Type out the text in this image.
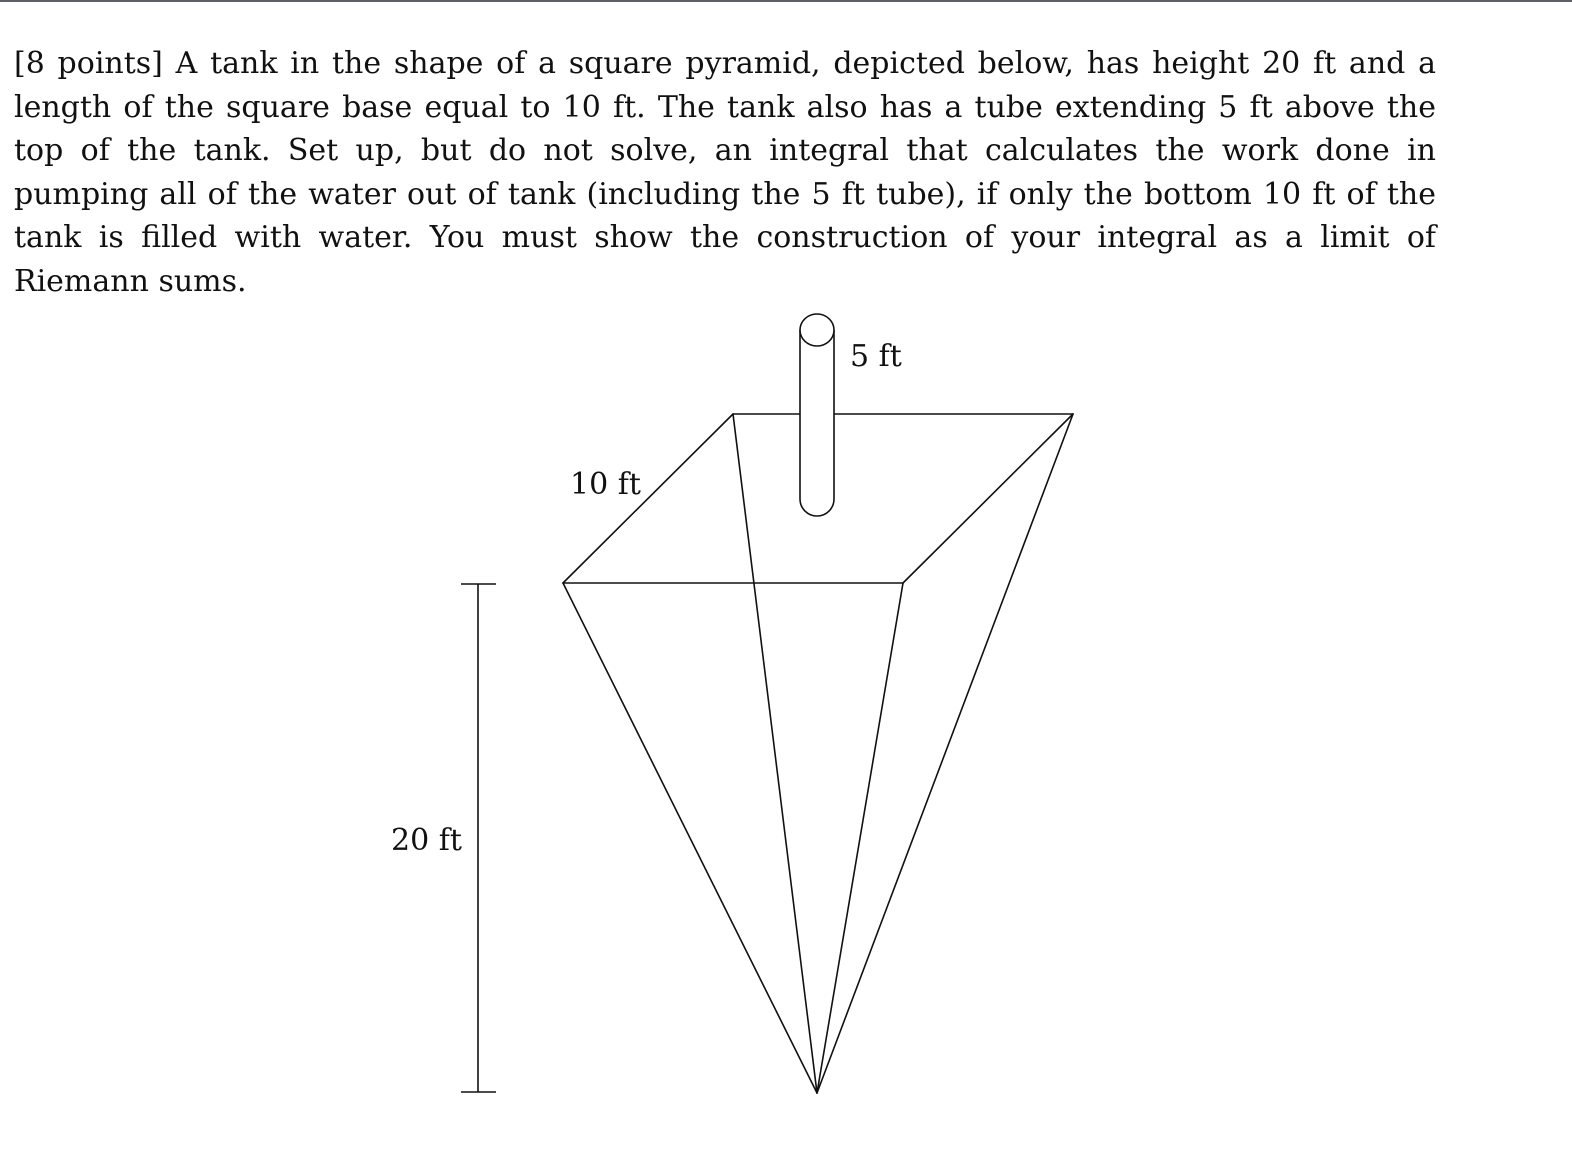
[8 points] A tank in the shape of a square pyramid, depicted below, has height 20 ft and a length of the square base equal to 10 ft. The tank also has a tube extending 5 ft above the top of the tank. Set up, but do not solve, an integral that calculates the work done in pumping all of the water out of tank (including the 5 ft tube), if only the bottom 10 ft of the tank is filled with water. You must show the construction of your integral as a limit of Riemann sums.

5 ft
10 ft
20 ft
